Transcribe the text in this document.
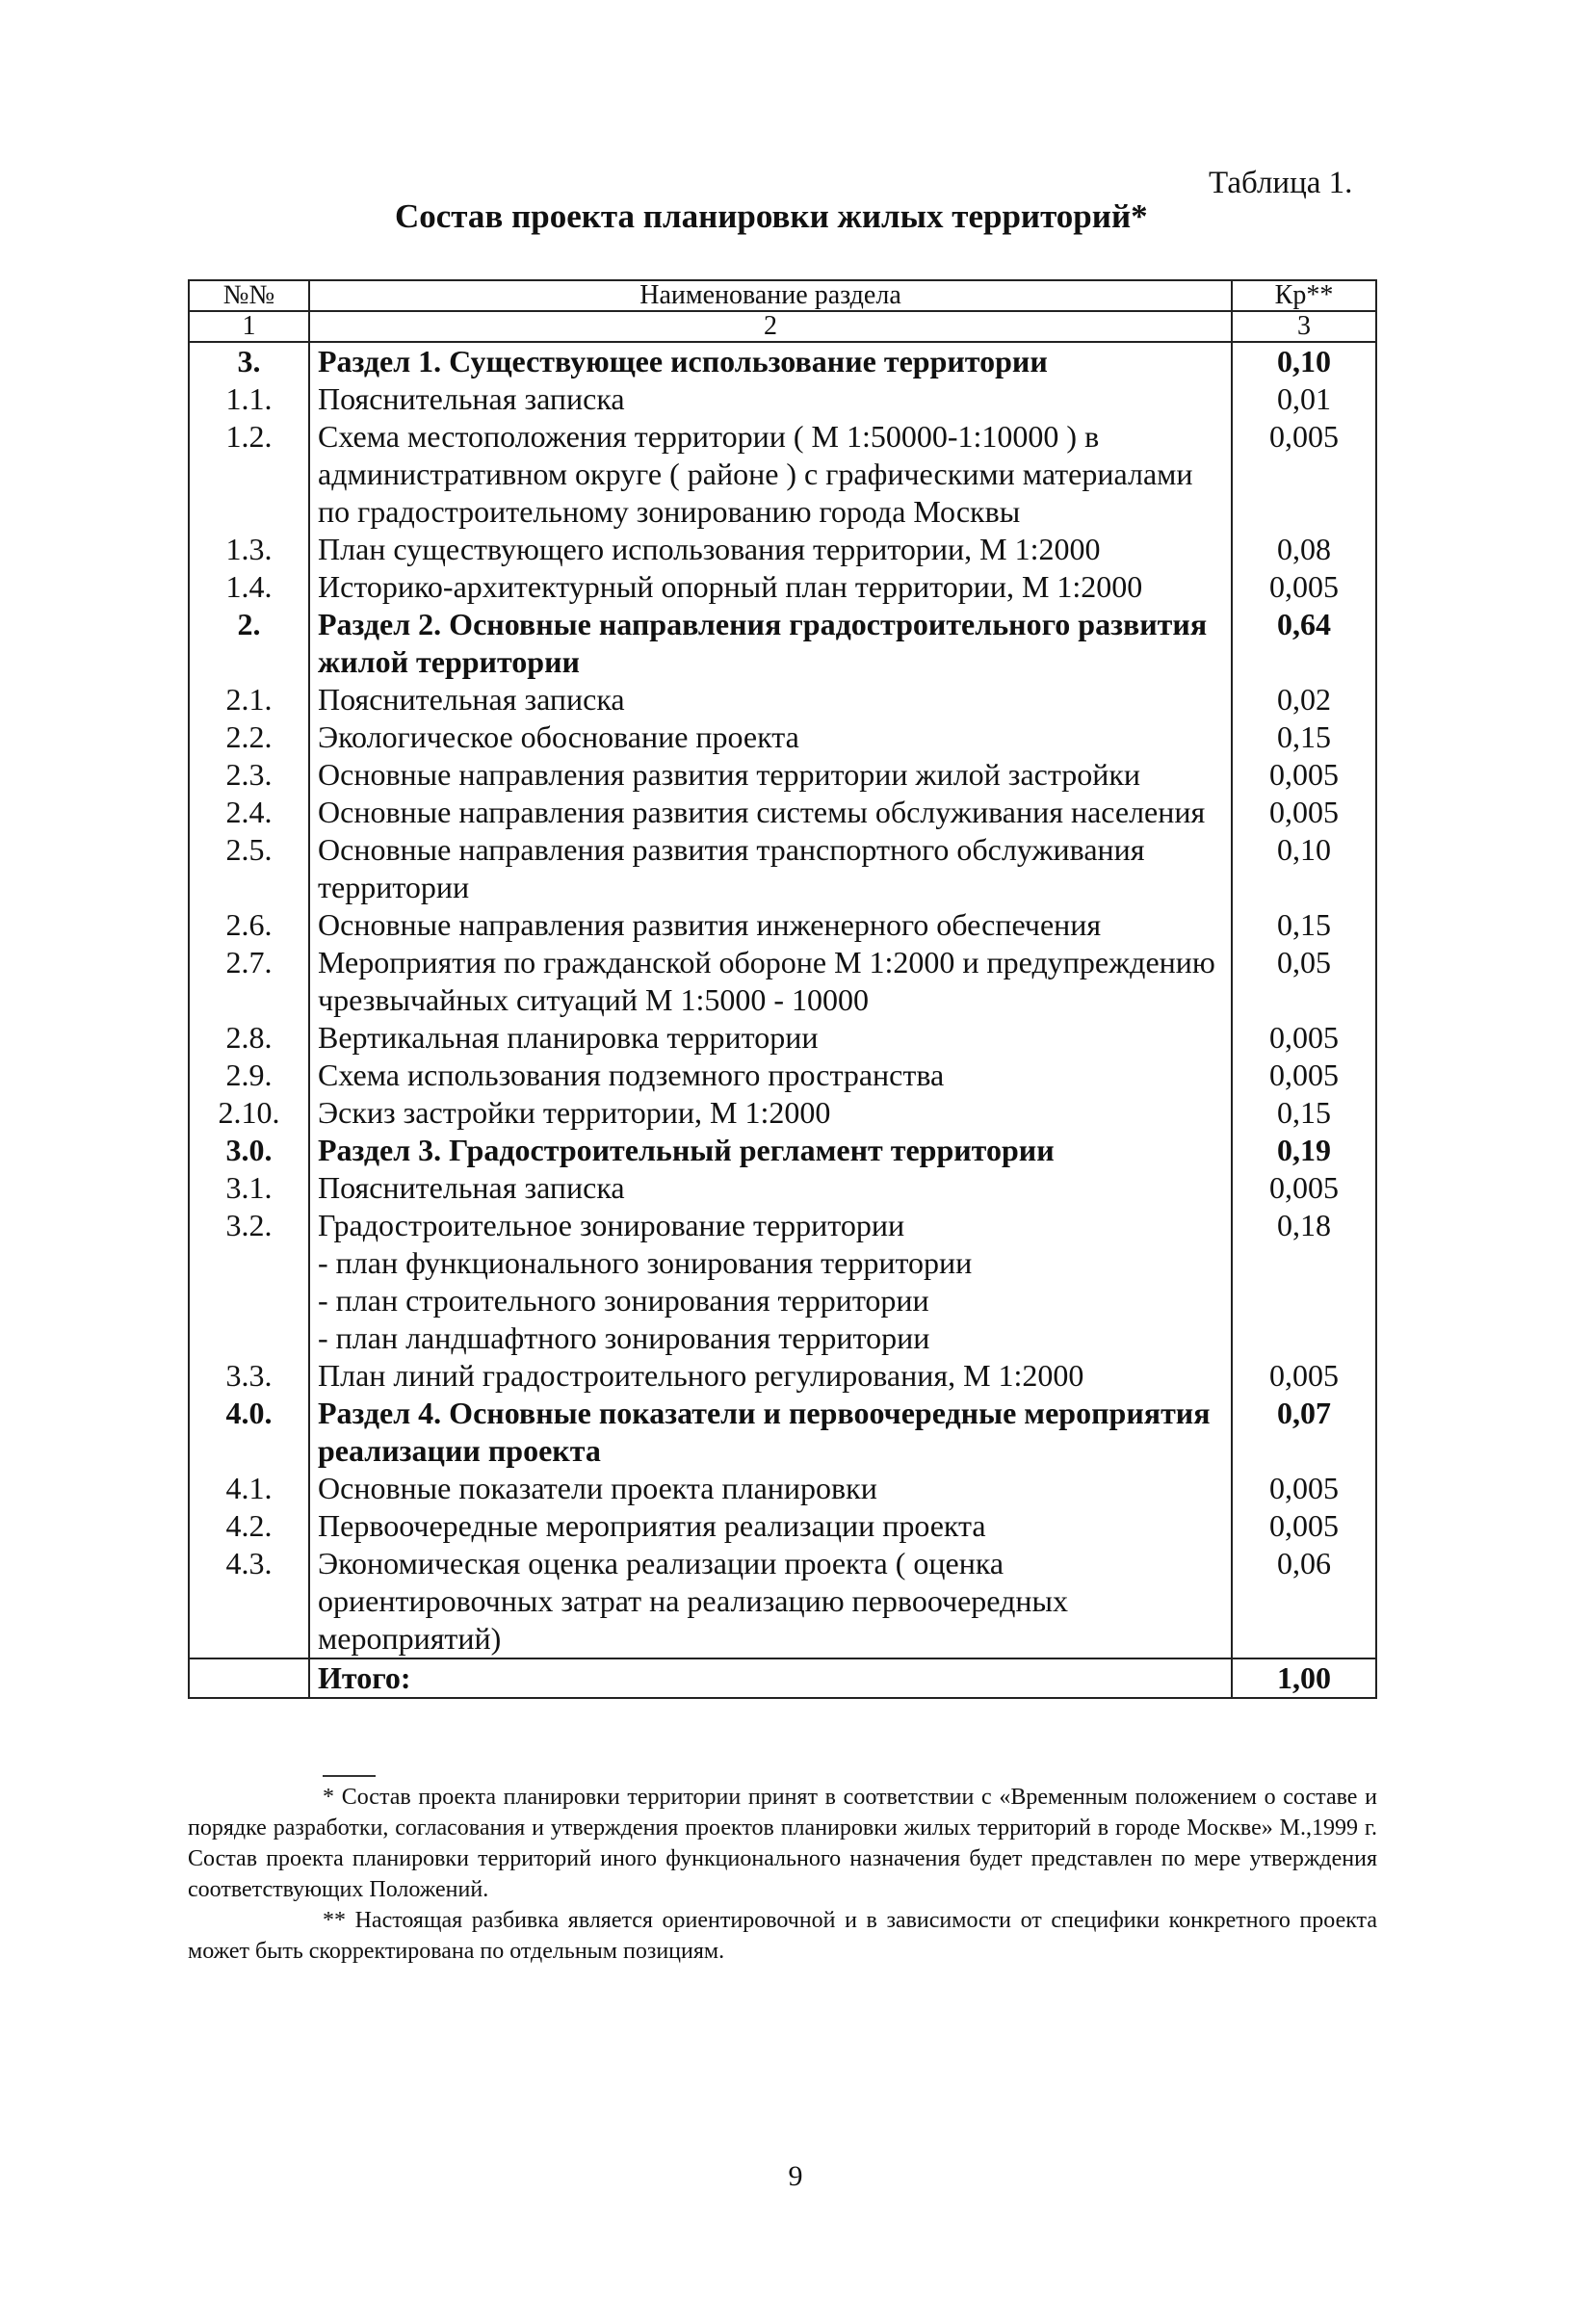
Таблица 1.
Состав проекта планировки жилых территорий*
№№	Наименование раздела	Кр**
1	2	3
3.	Раздел 1. Существующее использование территории	0,10
1.1.	Пояснительная записка	0,01
1.2.	Схема местоположения территории ( М 1:50000-1:10000 ) в административном округе ( районе ) с графическими материалами по градостроительному зонированию города Москвы	0,005
1.3.	План существующего использования территории, М 1:2000	0,08
1.4.	Историко-архитектурный опорный план территории, М 1:2000	0,005
2.	Раздел 2. Основные направления градостроительного развития жилой территории	0,64
2.1.	Пояснительная записка	0,02
2.2.	Экологическое обоснование проекта	0,15
2.3.	Основные направления развития территории жилой застройки	0,005
2.4.	Основные направления развития системы обслуживания населения	0,005
2.5.	Основные направления развития транспортного обслуживания территории	0,10
2.6.	Основные направления развития инженерного обеспечения	0,15
2.7.	Мероприятия по гражданской обороне М 1:2000 и предупреждению чрезвычайных ситуаций М 1:5000 - 10000	0,05
2.8.	Вертикальная планировка территории	0,005
2.9.	Схема использования подземного пространства	0,005
2.10.	Эскиз застройки территории, М 1:2000	0,15
3.0.	Раздел 3. Градостроительный регламент территории	0,19
3.1.	Пояснительная записка	0,005
3.2.	Градостроительное зонирование территории	0,18
	- план функционального зонирования территории	
	- план строительного зонирования территории	
	- план ландшафтного зонирования территории	
3.3.	План линий градостроительного регулирования, М 1:2000	0,005
4.0.	Раздел 4. Основные показатели и первоочередные мероприятия реализации проекта	0,07
4.1.	Основные показатели проекта планировки	0,005
4.2.	Первоочередные мероприятия реализации проекта	0,005
4.3.	Экономическая оценка реализации проекта ( оценка ориентировочных затрат на реализацию первоочередных мероприятий)	0,06
	Итого:	1,00

* Состав проекта планировки территории принят в соответствии с «Временным положением о составе и порядке разработки, согласования и утверждения проектов планировки жилых территорий в городе Москве» М.,1999 г. Состав проекта планировки территорий иного функционального назначения будет представлен по мере утверждения соответствующих Положений.

** Настоящая разбивка является ориентировочной и в зависимости от специфики конкретного проекта может быть скорректирована по отдельным позициям.

9
